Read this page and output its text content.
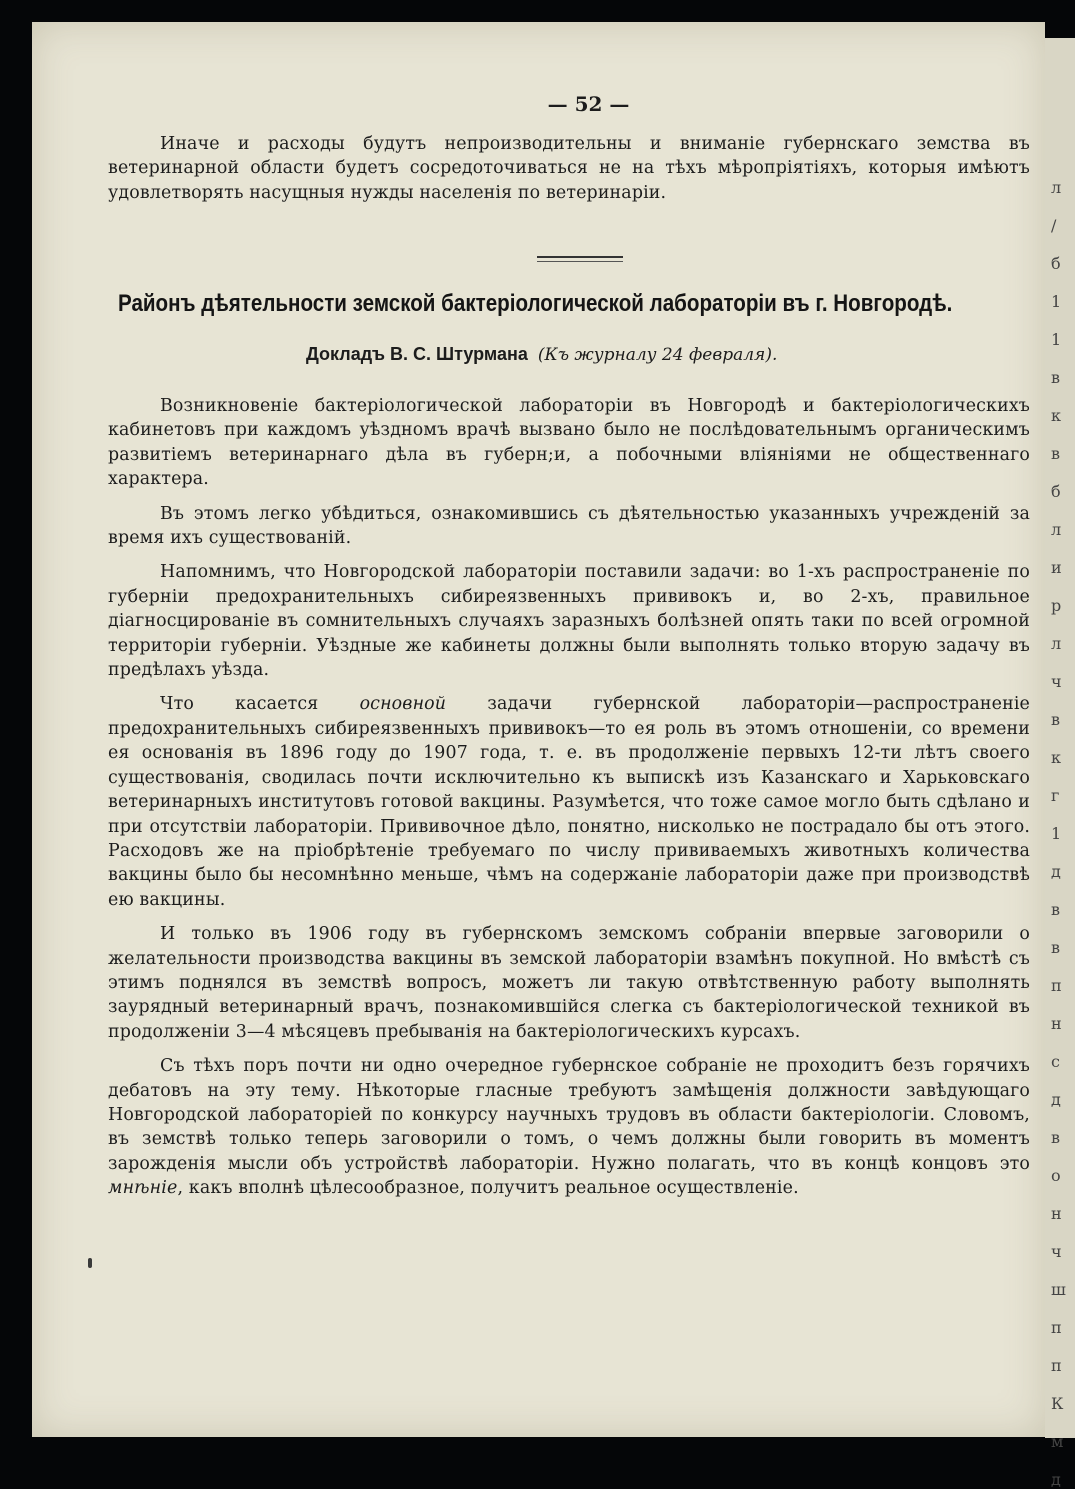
— 52 —

Иначе и расходы будутъ непроизводительны и вниманіе губернскаго земства въ ветеринарной области будетъ сосредоточиваться не на тѣхъ мѣропріятіяхъ, которыя имѣютъ удовлетворять насущныя нужды населенія по ветеринаріи.

Районъ дѣятельности земской бактеріологической лабораторіи въ г. Новгородѣ.
Докладъ В. С. Штурмана (Къ журналу 24 февраля).

Возникновеніе бактеріологической лабораторіи въ Новгородѣ и бактеріологическихъ кабинетовъ при каждомъ уѣздномъ врачѣ вызвано было не послѣдовательнымъ органическимъ развитіемъ ветеринарнаго дѣла въ губерн;и, а побочными вліяніями не общественнаго характера.

Въ этомъ легко убѣдиться, ознакомившись съ дѣятельностью указанныхъ учрежденій за время ихъ существованій.

Напомнимъ, что Новгородской лабораторіи поставили задачи: во 1-хъ распространеніе по губерніи предохранительныхъ сибиреязвенныхъ прививокъ и, во 2-хъ, правильное діагносцированіе въ сомнительныхъ случаяхъ заразныхъ болѣзней опять таки по всей огромной территоріи губерніи. Уѣздные же кабинеты должны были выполнять только вторую задачу въ предѣлахъ уѣзда.

Что касается основной задачи губернской лабораторіи—распространеніе предохранительныхъ сибиреязвенныхъ прививокъ—то ея роль въ этомъ отношеніи, со времени ея основанія въ 1896 году до 1907 года, т. е. въ продолженіе первыхъ 12-ти лѣтъ своего существованія, сводилась почти исключительно къ выпискѣ изъ Казанскаго и Харьковскаго ветеринарныхъ институтовъ готовой вакцины. Разумѣется, что тоже самое могло быть сдѣлано и при отсутствіи лабораторіи. Прививочное дѣло, понятно, нисколько не пострадало бы отъ этого. Расходовъ же на пріобрѣтеніе требуемаго по числу прививаемыхъ животныхъ количества вакцины было бы несомнѣнно меньше, чѣмъ на содержаніе лабораторіи даже при производствѣ ею вакцины.

И только въ 1906 году въ губернскомъ земскомъ собраніи впервые заговорили о желательности производства вакцины въ земской лабораторіи взамѣнъ покупной. Но вмѣстѣ съ этимъ поднялся въ земствѣ вопросъ, можетъ ли такую отвѣтственную работу выполнять заурядный ветеринарный врачъ, познакомившійся слегка съ бактеріологической техникой въ продолженіи 3—4 мѣсяцевъ пребыванія на бактеріологическихъ курсахъ.

Съ тѣхъ поръ почти ни одно очередное губернское собраніе не проходитъ безъ горячихъ дебатовъ на эту тему. Нѣкоторые гласные требуютъ замѣщенія должности завѣдующаго Новгородской лабораторіей по конкурсу научныхъ трудовъ въ области бактеріологіи. Словомъ, въ земствѣ только теперь заговорили о томъ, о чемъ должны были говорить въ моментъ зарожденія мысли объ устройствѣ лабораторіи. Нужно полагать, что въ концѣ концовъ это мнѣніе, какъ вполнѣ цѣлесообразное, получитъ реальное осуществленіе.

л
/
б
1
1
в
к
в
б
л
и
р
л
ч
в
к
г
1
д
в
в
п
н
с
д
в
о
н
ч
ш
п
п
К
м
д
